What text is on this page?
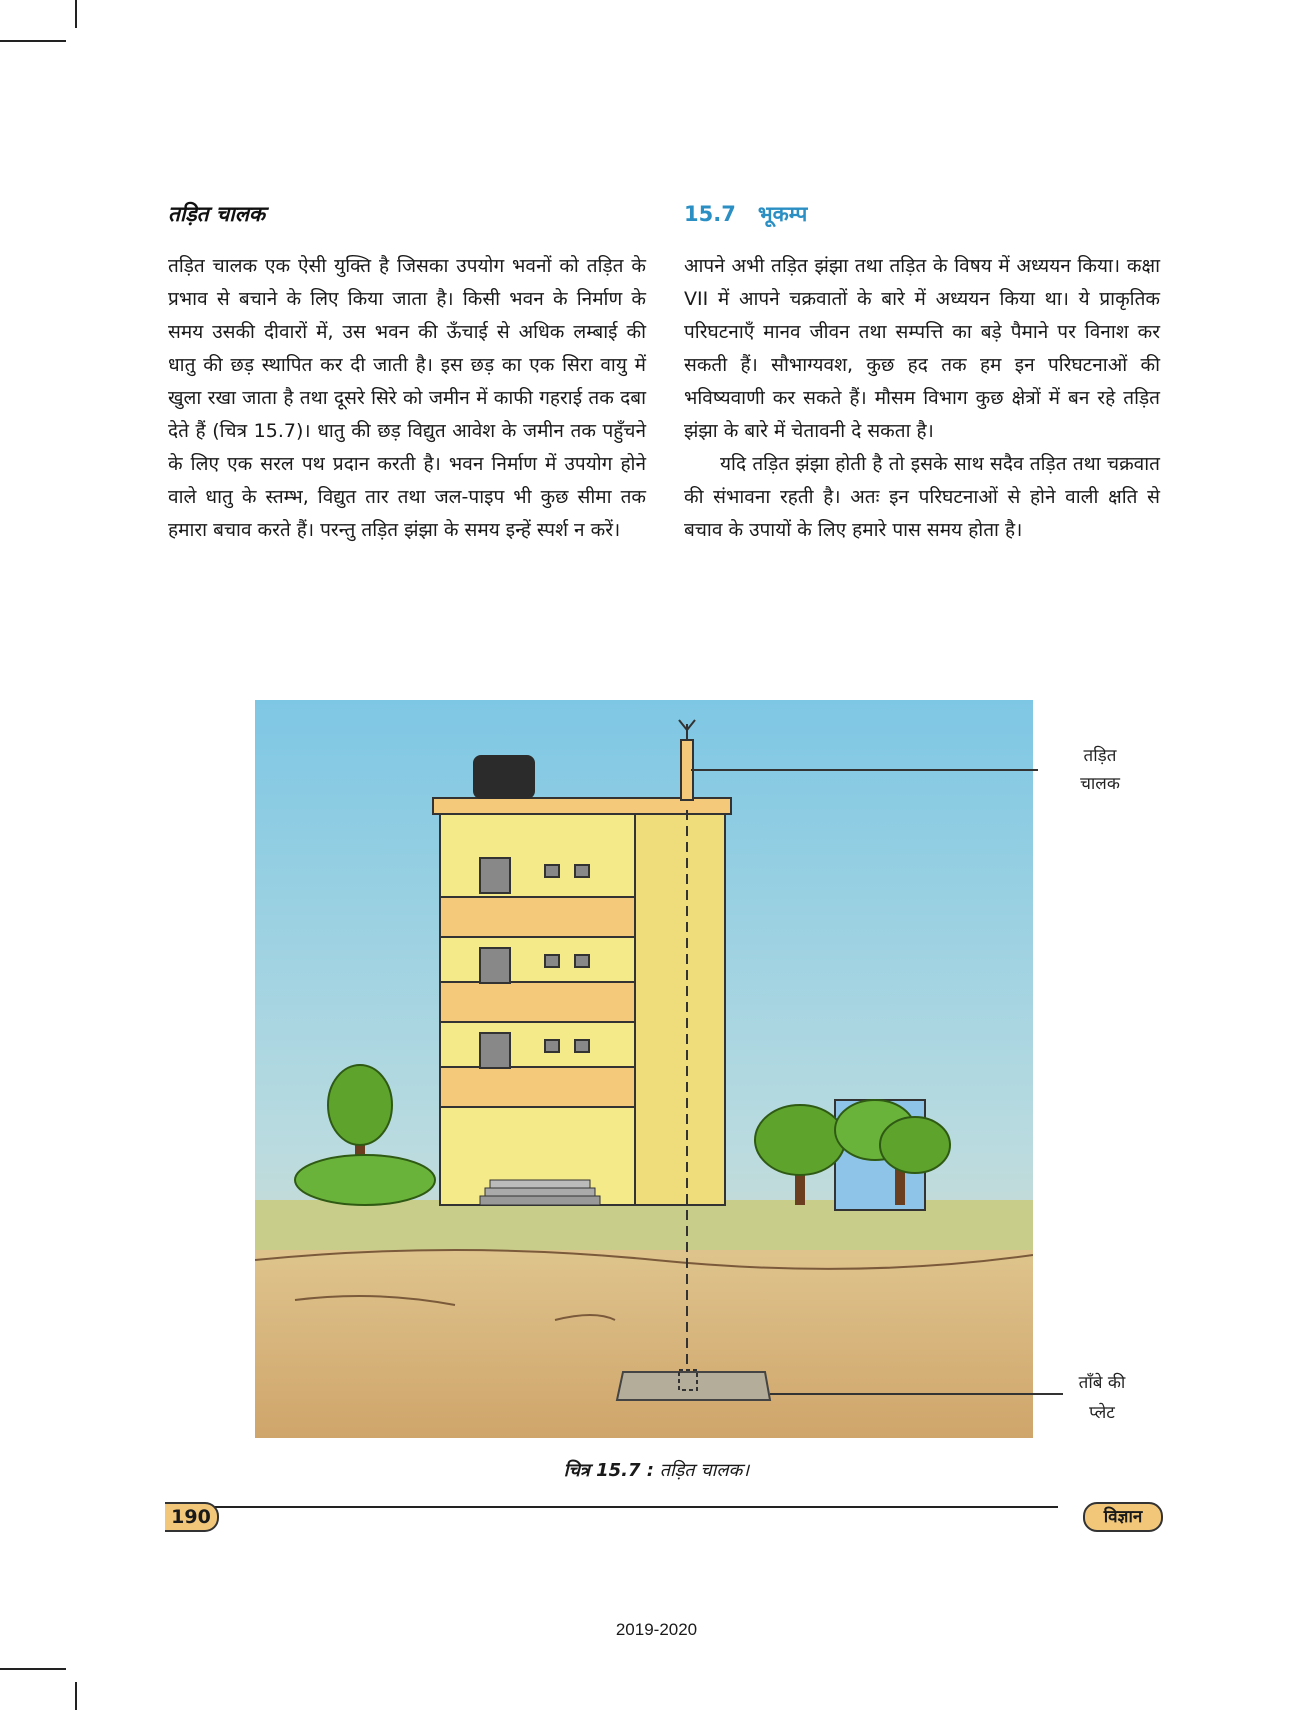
तड़ित चालक

तड़ित चालक एक ऐसी युक्ति है जिसका उपयोग भवनों को तड़ित के प्रभाव से बचाने के लिए किया जाता है। किसी भवन के निर्माण के समय उसकी दीवारों में, उस भवन की ऊँचाई से अधिक लम्बाई की धातु की छड़ स्थापित कर दी जाती है। इस छड़ का एक सिरा वायु में खुला रखा जाता है तथा दूसरे सिरे को जमीन में काफी गहराई तक दबा देते हैं (चित्र 15.7)। धातु की छड़ विद्युत आवेश के जमीन तक पहुँचने के लिए एक सरल पथ प्रदान करती है। भवन निर्माण में उपयोग होने वाले धातु के स्तम्भ, विद्युत तार तथा जल-पाइप भी कुछ सीमा तक हमारा बचाव करते हैं। परन्तु तड़ित झंझा के समय इन्हें स्पर्श न करें।

15.7 भूकम्प

आपने अभी तड़ित झंझा तथा तड़ित के विषय में अध्ययन किया। कक्षा VII में आपने चक्रवातों के बारे में अध्ययन किया था। ये प्राकृतिक परिघटनाएँ मानव जीवन तथा सम्पत्ति का बड़े पैमाने पर विनाश कर सकती हैं। सौभाग्यवश, कुछ हद तक हम इन परिघटनाओं की भविष्यवाणी कर सकते हैं। मौसम विभाग कुछ क्षेत्रों में बन रहे तड़ित झंझा के बारे में चेतावनी दे सकता है।

यदि तड़ित झंझा होती है तो इसके साथ सदैव तड़ित तथा चक्रवात की संभावना रहती है। अतः इन परिघटनाओं से होने वाली क्षति से बचाव के उपायों के लिए हमारे पास समय होता है।

तड़ित
चालक
ताँबे की
प्लेट
चित्र 15.7 : तड़ित चालक।
190	विज्ञान
2019-2020
